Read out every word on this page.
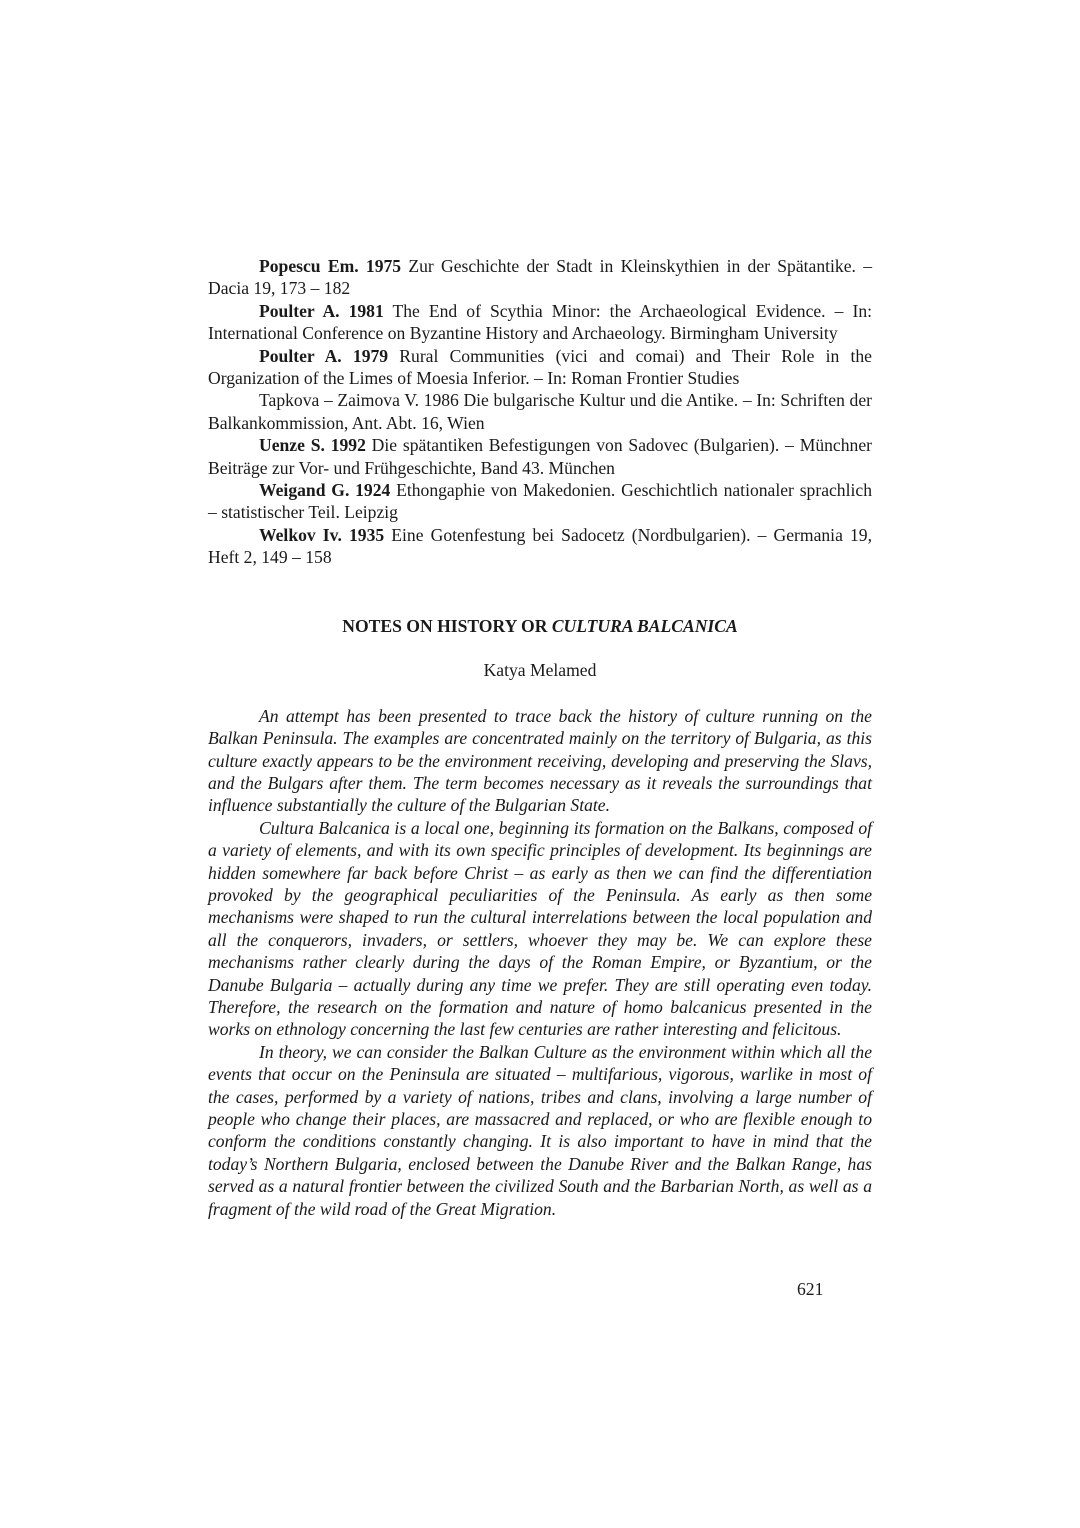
Popescu Em. 1975 Zur Geschichte der Stadt in Kleinskythien in der Spätantike. – Dacia 19, 173 – 182

Poulter A. 1981 The End of Scythia Minor: the Archaeological Evidence. – In: International Conference on Byzantine History and Archaeology. Birmingham University

Poulter A. 1979 Rural Communities (vici and comai) and Their Role in the Organization of the Limes of Moesia Inferior. – In: Roman Frontier Studies

Tapkova – Zaimova V. 1986 Die bulgarische Kultur und die Antike. – In: Schriften der Balkankommission, Ant. Abt. 16, Wien

Uenze S. 1992 Die spätantiken Befestigungen von Sadovec (Bulgarien). – Münchner Beiträge zur Vor- und Frühgeschichte, Band 43. München

Weigand G. 1924 Ethongaphie von Makedonien. Geschichtlich nationaler sprachlich – statistischer Teil. Leipzig

Welkov Iv. 1935 Eine Gotenfestung bei Sadocetz (Nordbulgarien). – Germania 19, Heft 2, 149 – 158

NOTES ON HISTORY OR CULTURA BALCANICA
Katya Melamed

An attempt has been presented to trace back the history of culture running on the Balkan Peninsula. The examples are concentrated mainly on the territory of Bulgaria, as this culture exactly appears to be the environment receiving, developing and preserving the Slavs, and the Bulgars after them. The term becomes necessary as it reveals the surroundings that influence substantially the culture of the Bulgarian State.

Cultura Balcanica is a local one, beginning its formation on the Balkans, composed of a variety of elements, and with its own specific principles of development. Its beginnings are hidden somewhere far back before Christ – as early as then we can find the differentiation provoked by the geographical peculiarities of the Peninsula. As early as then some mechanisms were shaped to run the cultural interrelations between the local population and all the conquerors, invaders, or settlers, whoever they may be. We can explore these mechanisms rather clearly during the days of the Roman Empire, or Byzantium, or the Danube Bulgaria – actually during any time we prefer. They are still operating even today. Therefore, the research on the formation and nature of homo balcanicus presented in the works on ethnology concerning the last few centuries are rather interesting and felicitous.

In theory, we can consider the Balkan Culture as the environment within which all the events that occur on the Peninsula are situated – multifarious, vigorous, warlike in most of the cases, performed by a variety of nations, tribes and clans, involving a large number of people who change their places, are massacred and replaced, or who are flexible enough to conform the conditions constantly changing. It is also important to have in mind that the today’s Northern Bulgaria, enclosed between the Danube River and the Balkan Range, has served as a natural frontier between the civilized South and the Barbarian North, as well as a fragment of the wild road of the Great Migration.

621
